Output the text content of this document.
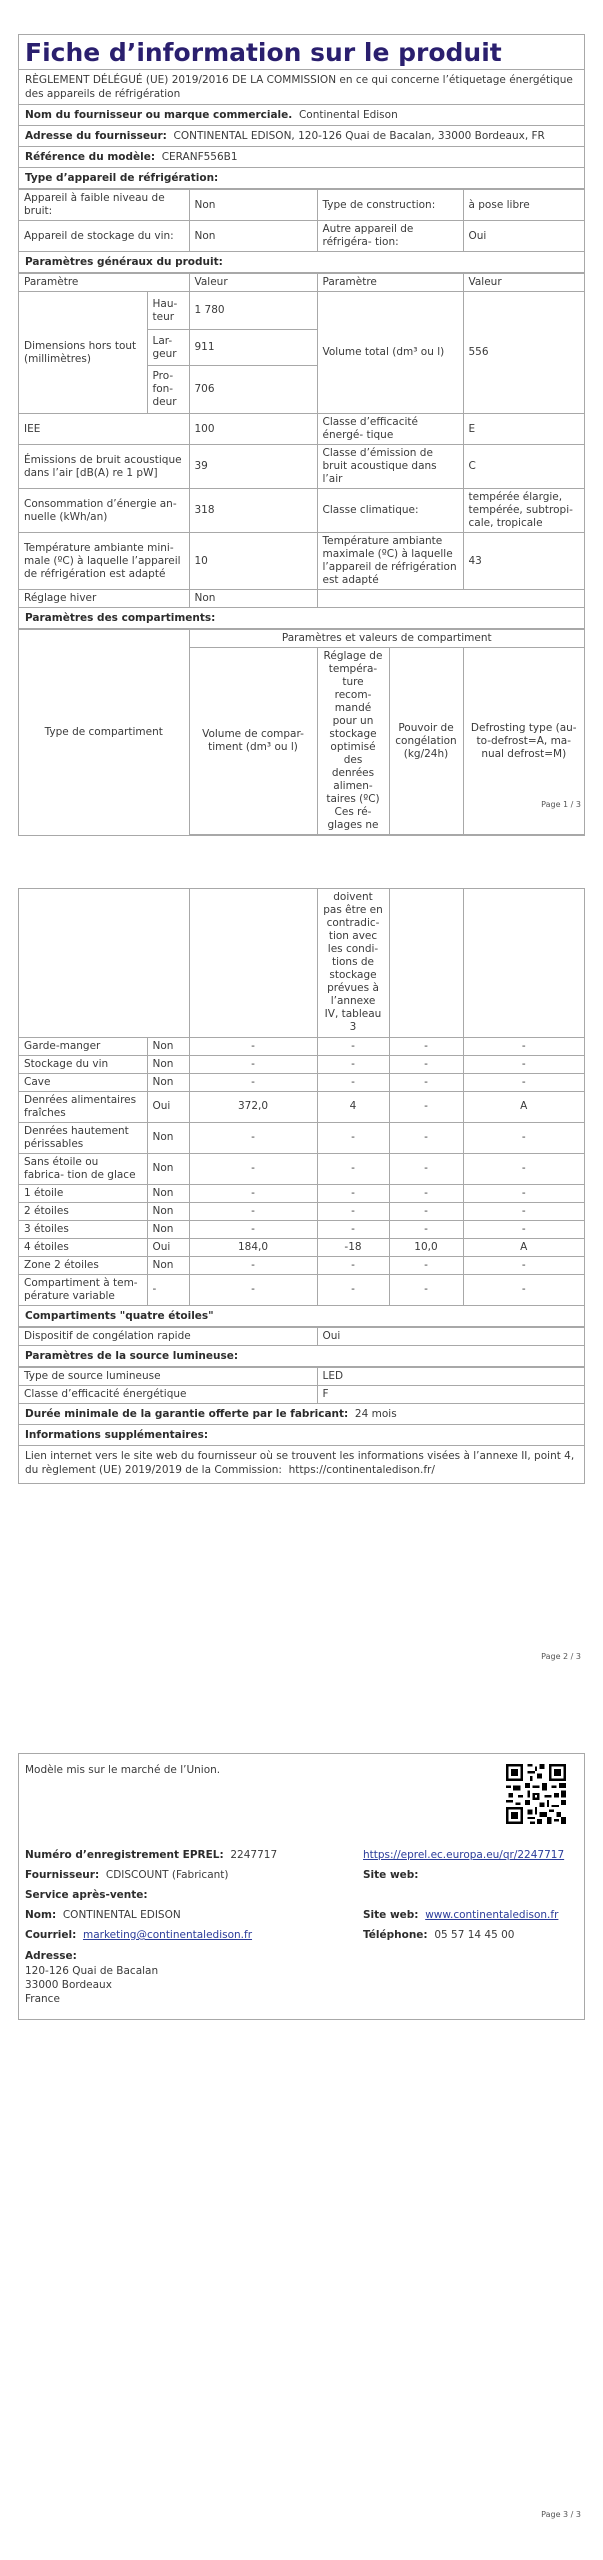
Fiche d’information sur le produit
RÈGLEMENT DÉLÉGUÉ (UE) 2019/2016 DE LA COMMISSION en ce qui concerne l’étiquetage énergétique des appareils de réfrigération
Nom du fournisseur ou marque commerciale. Continental Edison
Adresse du fournisseur: CONTINENTAL EDISON, 120-126 Quai de Bacalan, 33000 Bordeaux, FR
Référence du modèle: CERANF556B1
Type d’appareil de réfrigération:
Appareil à faible niveau de bruit:	Non	Type de construction:	à pose libre
Appareil de stockage du vin:	Non	Autre appareil de réfrigéra- tion:	Oui
Paramètres généraux du produit:
Paramètre		Valeur	Paramètre	Valeur
Dimensions hors tout (millimètres)	Hau- teur	1 780	Volume total (dm³ ou l)	556
	Lar- geur	911		
	Pro- fon- deur	706		
IEE		100	Classe d’efficacité énergé- tique	E
Émissions de bruit acoustique dans l’air [dB(A) re 1 pW]		39	Classe d’émission de bruit acoustique dans l’air	C
Consommation d’énergie an- nuelle (kWh/an)		318	Classe climatique:	tempérée élargie, tempérée, subtropi- cale, tropicale
Température ambiante mini- male (ºC) à laquelle l’appareil de réfrigération est adapté		10	Température ambiante maximale (ºC) à laquelle l’appareil de réfrigération est adapté	43
Réglage hiver		Non		
Paramètres des compartiments:
Type de compartiment	Paramètres et valeurs de compartiment			
	Volume de compar- timent (dm³ ou l)	Réglage de tempéra- ture recom- mandé pour un stockage optimisé des denrées alimen- taires (ºC) Ces ré- glages ne	Pouvoir de congélation (kg/24h)	Defrosting type (au- to-defrost=A, ma- nual defrost=M)
Page 1 / 3
			doivent pas être en contradic- tion avec les condi- tions de stockage prévues à l’annexe IV, tableau 3		
Garde-manger	Non	-	-	-	-
Stockage du vin	Non	-	-	-	-
Cave	Non	-	-	-	-
Denrées alimentaires fraîches	Oui	372,0	4	-	A
Denrées hautement périssables	Non	-	-	-	-
Sans étoile ou fabrica- tion de glace	Non	-	-	-	-
1 étoile	Non	-	-	-	-
2 étoiles	Non	-	-	-	-
3 étoiles	Non	-	-	-	-
4 étoiles	Oui	184,0	-18	10,0	A
Zone 2 étoiles	Non	-	-	-	-
Compartiment à tem- pérature variable	-	-	-	-	-
Compartiments "quatre étoiles"
Dispositif de congélation rapide	Oui
Paramètres de la source lumineuse:
Type de source lumineuse	LED
Classe d’efficacité énergétique	F
Durée minimale de la garantie offerte par le fabricant: 24 mois
Informations supplémentaires:
Lien internet vers le site web du fournisseur où se trouvent les informations visées à l’annexe II, point 4, du règlement (UE) 2019/2019 de la Commission: https://continentaledison.fr/
Page 2 / 3
Modèle mis sur le marché de l’Union.
Numéro d’enregistrement EPREL: 2247717	https://eprel.ec.europa.eu/qr/2247717
Fournisseur: CDISCOUNT (Fabricant)	Site web:
Service après-vente:
Nom: CONTINENTAL EDISON	Site web: www.continentaledison.fr
Courriel: marketing@continentaledison.fr	Téléphone: 05 57 14 45 00
Adresse:
120-126 Quai de Bacalan
33000 Bordeaux
France
Page 3 / 3
